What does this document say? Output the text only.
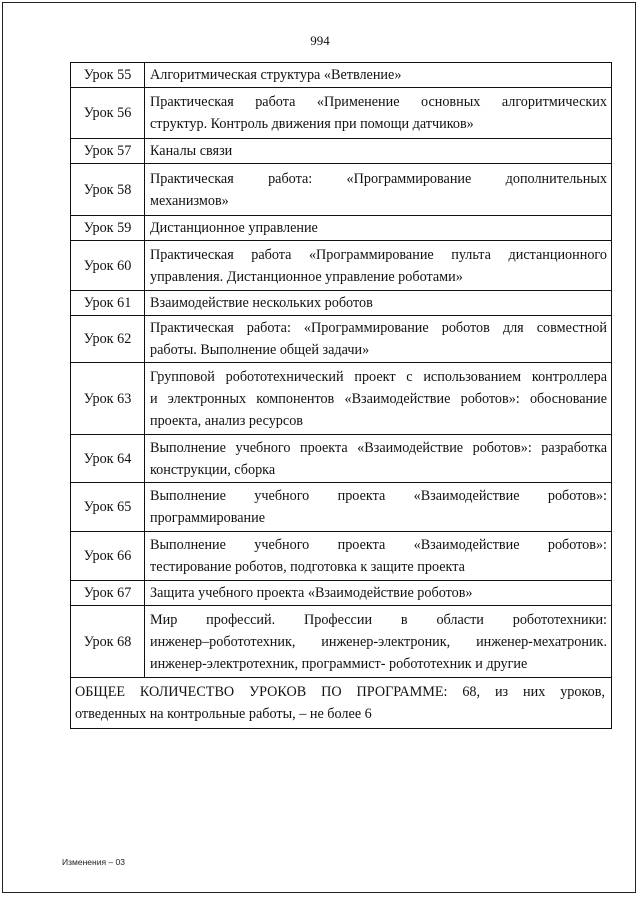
994
Урок 55	Алгоритмическая структура «Ветвление»

Урок 56	Практическая работа «Применение основных алгоритмических
структур. Контроль движения при помощи датчиков»

Урок 57	Каналы связи

Урок 58	Практическая работа: «Программирование дополнительных
механизмов»

Урок 59	Дистанционное управление

Урок 60	Практическая работа «Программирование пульта дистанционного
управления. Дистанционное управление роботами»

Урок 61	Взаимодействие нескольких роботов

Урок 62	Практическая работа: «Программирование роботов для совместной
работы. Выполнение общей задачи»

Урок 63	Групповой робототехнический проект с использованием контроллера
и электронных компонентов «Взаимодействие роботов»: обоснование
проекта, анализ ресурсов

Урок 64	Выполнение учебного проекта «Взаимодействие роботов»: разработка
конструкции, сборка

Урок 65	Выполнение учебного проекта «Взаимодействие роботов»:
программирование

Урок 66	Выполнение учебного проекта «Взаимодействие роботов»:
тестирование роботов, подготовка к защите проекта

Урок 67	Защита учебного проекта «Взаимодействие роботов»

Урок 68	Мир профессий. Профессии в области робототехники:
инженер–робототехник, инженер-электроник, инженер-мехатроник.
инженер-электротехник, программист- робототехник и другие

ОБЩЕЕ КОЛИЧЕСТВО УРОКОВ ПО ПРОГРАММЕ: 68, из них уроков,
отведенных на контрольные работы, – не более 6	
Изменения – 03
